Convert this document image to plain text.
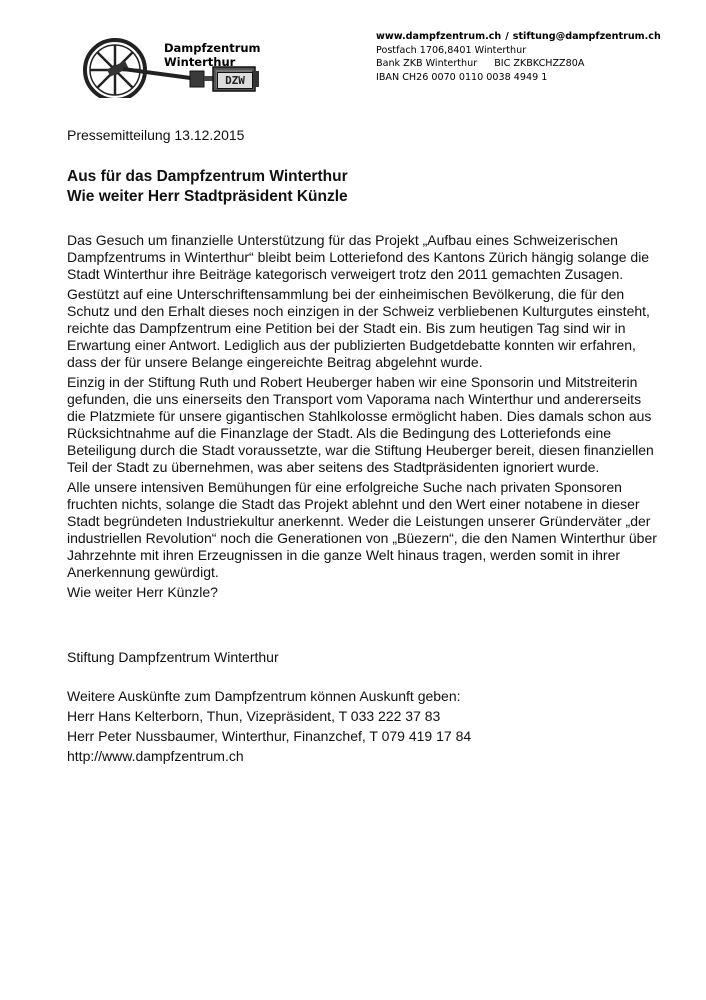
Dampfzentrum
Winterthur
DZW
www.dampfzentrum.ch / stiftung@dampfzentrum.ch
Postfach 1706,8401 Winterthur
Bank ZKB Winterthur BIC ZKBKCHZZ80A
IBAN CH26 0070 0110 0038 4949 1
Pressemitteilung 13.12.2015
Aus für das Dampfzentrum Winterthur
Wie weiter Herr Stadtpräsident Künzle

Das Gesuch um finanzielle Unterstützung für das Projekt „Aufbau eines Schweizerischen Dampfzentrums in Winterthur“ bleibt beim Lotteriefond des Kantons Zürich hängig solange die Stadt Winterthur ihre Beiträge kategorisch verweigert trotz den 2011 gemachten Zusagen.

Gestützt auf eine Unterschriftensammlung bei der einheimischen Bevölkerung, die für den Schutz und den Erhalt dieses noch einzigen in der Schweiz verbliebenen Kulturgutes einsteht, reichte das Dampfzentrum eine Petition bei der Stadt ein. Bis zum heutigen Tag sind wir in Erwartung einer Antwort. Lediglich aus der publizierten Budgetdebatte konnten wir erfahren, dass der für unsere Belange eingereichte Beitrag abgelehnt wurde.

Einzig in der Stiftung Ruth und Robert Heuberger haben wir eine Sponsorin und Mitstreiterin gefunden, die uns einerseits den Transport vom Vaporama nach Winterthur und andererseits die Platzmiete für unsere gigantischen Stahlkolosse ermöglicht haben. Dies damals schon aus Rücksichtnahme auf die Finanzlage der Stadt. Als die Bedingung des Lotteriefonds eine Beteiligung durch die Stadt voraussetzte, war die Stiftung Heuberger bereit, diesen finanziellen Teil der Stadt zu übernehmen, was aber seitens des Stadtpräsidenten ignoriert wurde.

Alle unsere intensiven Bemühungen für eine erfolgreiche Suche nach privaten Sponsoren fruchten nichts, solange die Stadt das Projekt ablehnt und den Wert einer notabene in dieser Stadt begründeten Industriekultur anerkennt. Weder die Leistungen unserer Gründerväter „der industriellen Revolution“ noch die Generationen von „Büezern“, die den Namen Winterthur über Jahrzehnte mit ihren Erzeugnissen in die ganze Welt hinaus tragen, werden somit in ihrer Anerkennung gewürdigt.

Wie weiter Herr Künzle?

Stiftung Dampfzentrum Winterthur
Weitere Auskünfte zum Dampfzentrum können Auskunft geben:
Herr Hans Kelterborn, Thun, Vizepräsident, T 033 222 37 83
Herr Peter Nussbaumer, Winterthur, Finanzchef, T 079 419 17 84
http://www.dampfzentrum.ch
